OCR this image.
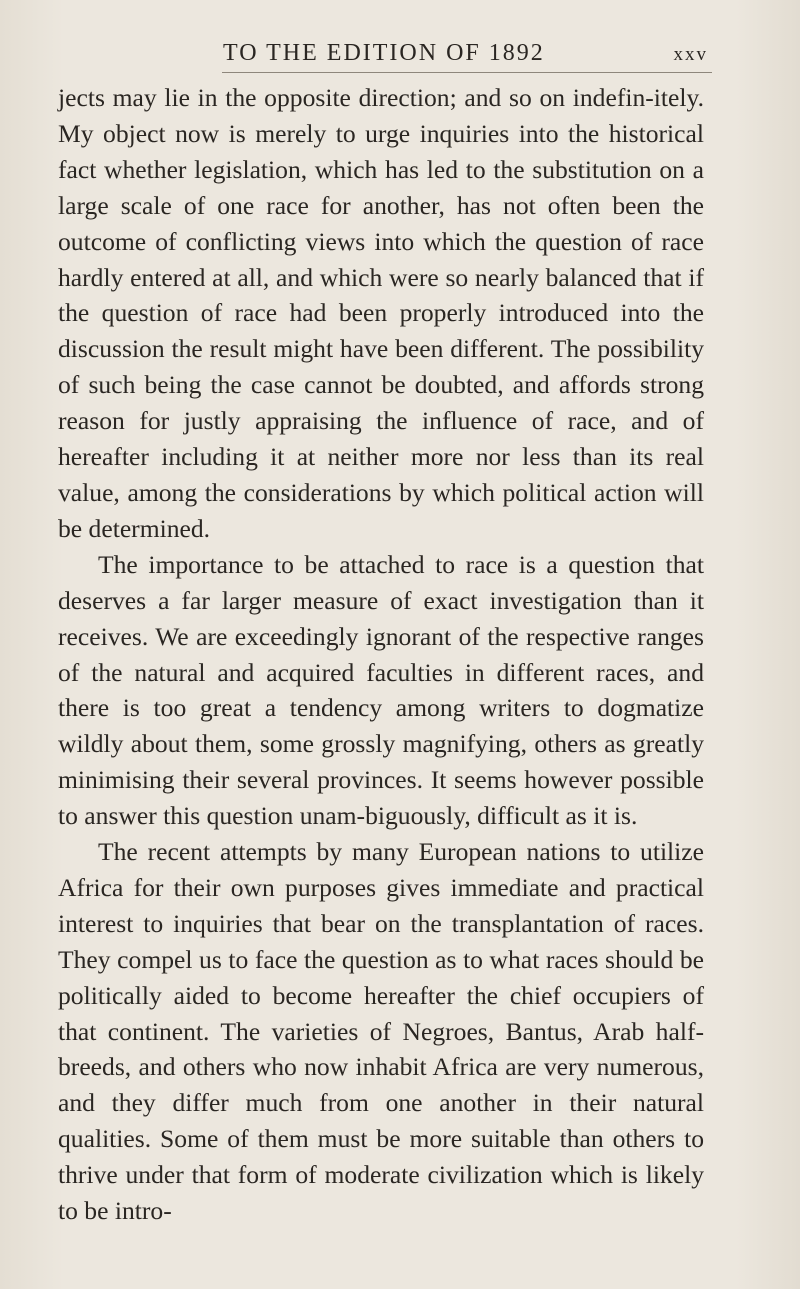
TO THE EDITION OF 1892	xxv

jects may lie in the opposite direction; and so on indefin-itely. My object now is merely to urge inquiries into the historical fact whether legislation, which has led to the substitution on a large scale of one race for another, has not often been the outcome of conflicting views into which the question of race hardly entered at all, and which were so nearly balanced that if the question of race had been properly introduced into the discussion the result might have been different. The possibility of such being the case cannot be doubted, and affords strong reason for justly appraising the influence of race, and of hereafter including it at neither more nor less than its real value, among the considerations by which political action will be determined.

The importance to be attached to race is a question that deserves a far larger measure of exact investigation than it receives. We are exceedingly ignorant of the respective ranges of the natural and acquired faculties in different races, and there is too great a tendency among writers to dogmatize wildly about them, some grossly magnifying, others as greatly minimising their several provinces. It seems however possible to answer this question unam-biguously, difficult as it is.

The recent attempts by many European nations to utilize Africa for their own purposes gives immediate and practical interest to inquiries that bear on the transplantation of races. They compel us to face the question as to what races should be politically aided to become hereafter the chief occupiers of that continent. The varieties of Negroes, Bantus, Arab half-breeds, and others who now inhabit Africa are very numerous, and they differ much from one another in their natural qualities. Some of them must be more suitable than others to thrive under that form of moderate civilization which is likely to be intro-
